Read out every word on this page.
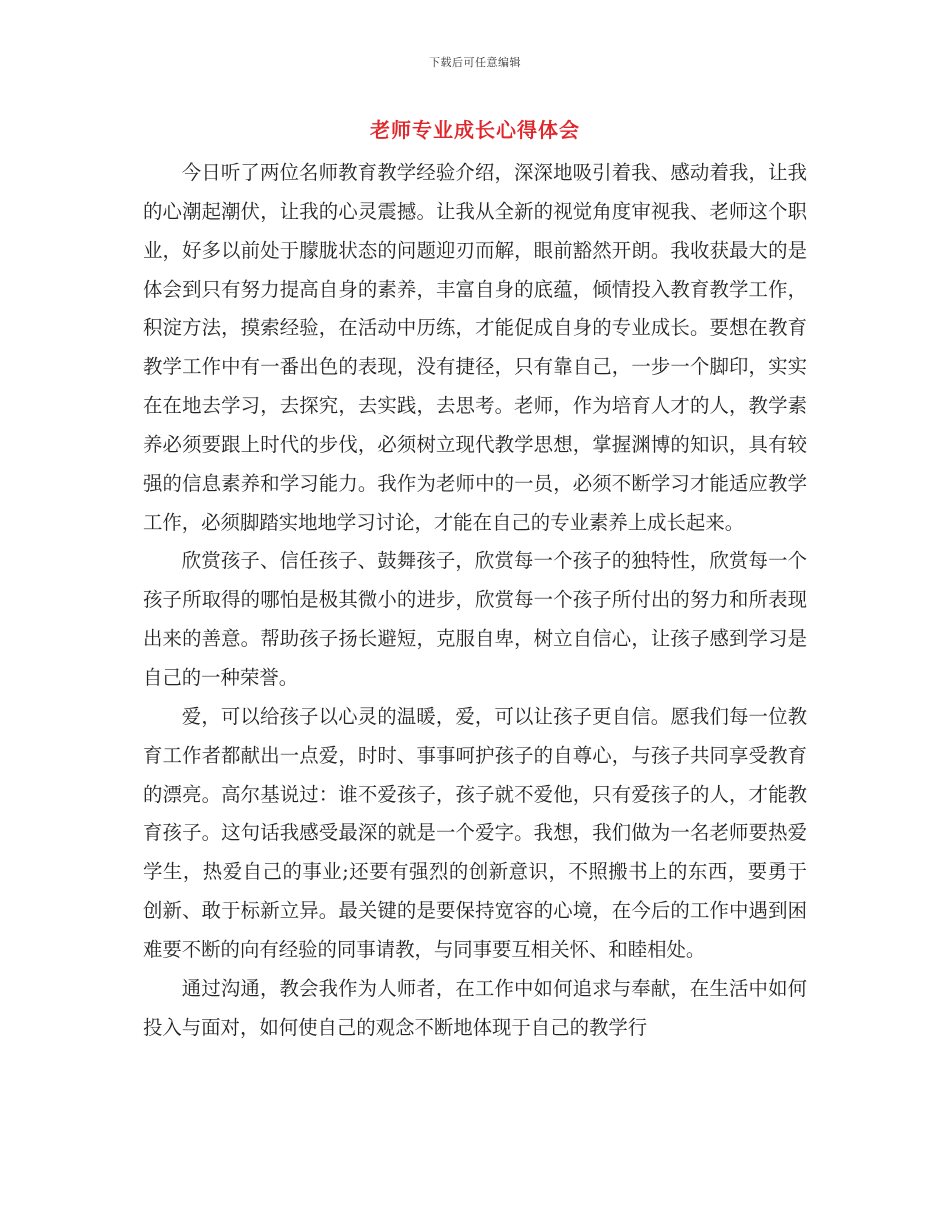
下载后可任意编辑
老师专业成长心得体会

今日听了两位名师教育教学经验介绍，深深地吸引着我、感动着我，让我的心潮起潮伏，让我的心灵震撼。让我从全新的视觉角度审视我、老师这个职业，好多以前处于朦胧状态的问题迎刃而解，眼前豁然开朗。我收获最大的是体会到只有努力提高自身的素养，丰富自身的底蕴，倾情投入教育教学工作，积淀方法，摸索经验，在活动中历练，才能促成自身的专业成长。要想在教育教学工作中有一番出色的表现，没有捷径，只有靠自己，一步一个脚印，实实在在地去学习，去探究，去实践，去思考。老师，作为培育人才的人，教学素养必须要跟上时代的步伐，必须树立现代教学思想，掌握渊博的知识，具有较强的信息素养和学习能力。我作为老师中的一员，必须不断学习才能适应教学工作，必须脚踏实地地学习讨论，才能在自己的专业素养上成长起来。

欣赏孩子、信任孩子、鼓舞孩子，欣赏每一个孩子的独特性，欣赏每一个孩子所取得的哪怕是极其微小的进步，欣赏每一个孩子所付出的努力和所表现出来的善意。帮助孩子扬长避短，克服自卑，树立自信心，让孩子感到学习是自己的一种荣誉。

爱，可以给孩子以心灵的温暖，爱，可以让孩子更自信。愿我们每一位教育工作者都献出一点爱，时时、事事呵护孩子的自尊心，与孩子共同享受教育的漂亮。高尔基说过：谁不爱孩子，孩子就不爱他，只有爱孩子的人，才能教育孩子。这句话我感受最深的就是一个爱字。我想，我们做为一名老师要热爱学生，热爱自己的事业;还要有强烈的创新意识，不照搬书上的东西，要勇于创新、敢于标新立异。最关键的是要保持宽容的心境，在今后的工作中遇到困难要不断的向有经验的同事请教，与同事要互相关怀、和睦相处。

通过沟通，教会我作为人师者，在工作中如何追求与奉献，在生活中如何投入与面对，如何使自己的观念不断地体现于自己的教学行
